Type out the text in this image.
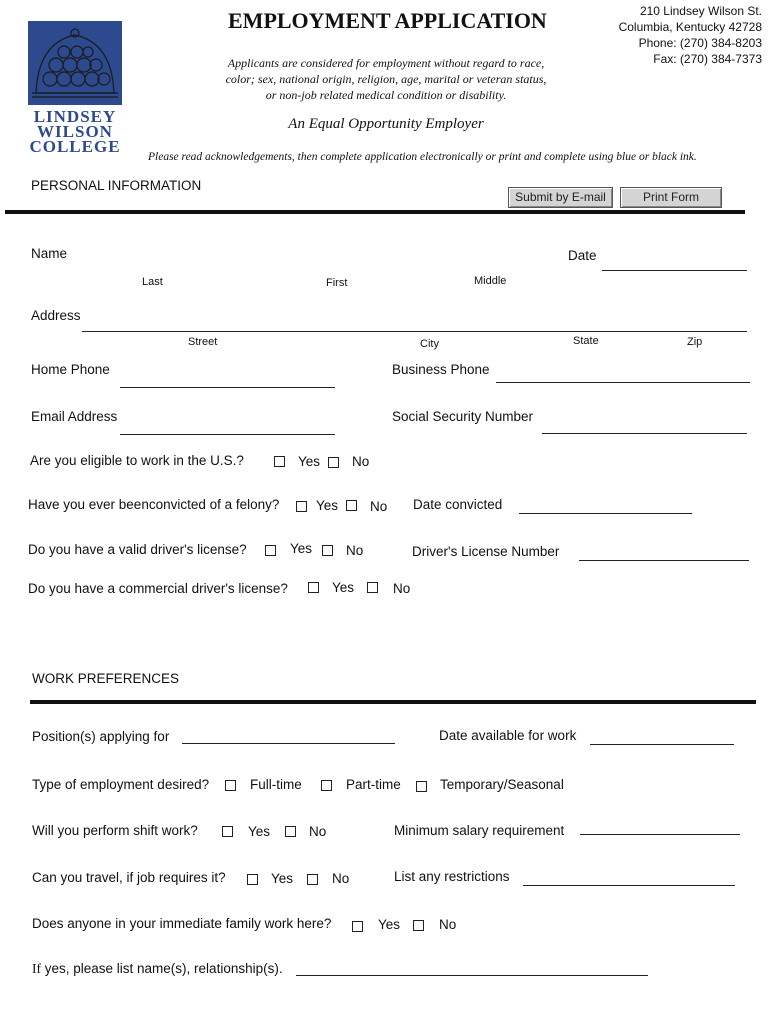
LINDSEY
WILSON
COLLEGE
EMPLOYMENT APPLICATION	210 Lindsey Wilson St.
Columbia, Kentucky 42728
Phone: (270) 384-8203
Fax: (270) 384-7373
Applicants are considered for employment without regard to race,
color; sex, national origin, religion, age, marital or veteran status,
or non-job related medical condition or disability.
An Equal Opportunity Employer
Please read acknowledgements, then complete application electronically or print and complete using blue or black ink.
PERSONAL INFORMATION
Submit by E-mail	Print Form
Name	Date
Last	First	Middle
Address
Street	City	State	Zip
Home Phone	Business Phone
Email Address	Social Security Number
Are you eligible to work in the U.S.?	Yes No
Have you ever beenconvicted of a felony?	Yes No Date convicted
Do you have a valid driver's license?	Yes	No	Driver's License Number
Do you have a commercial driver's license?	Yes	No
WORK PREFERENCES
Position(s) applying for	Date available for work
Type of employment desired?	Full-time	Part-time	Temporary/Seasonal
Will you perform shift work?	Yes	No	Minimum salary requirement
Can you travel, if job requires it?	Yes	No	List any restrictions
Does anyone in your immediate family work here?	Yes	No
If yes, please list name(s), relationship(s).
